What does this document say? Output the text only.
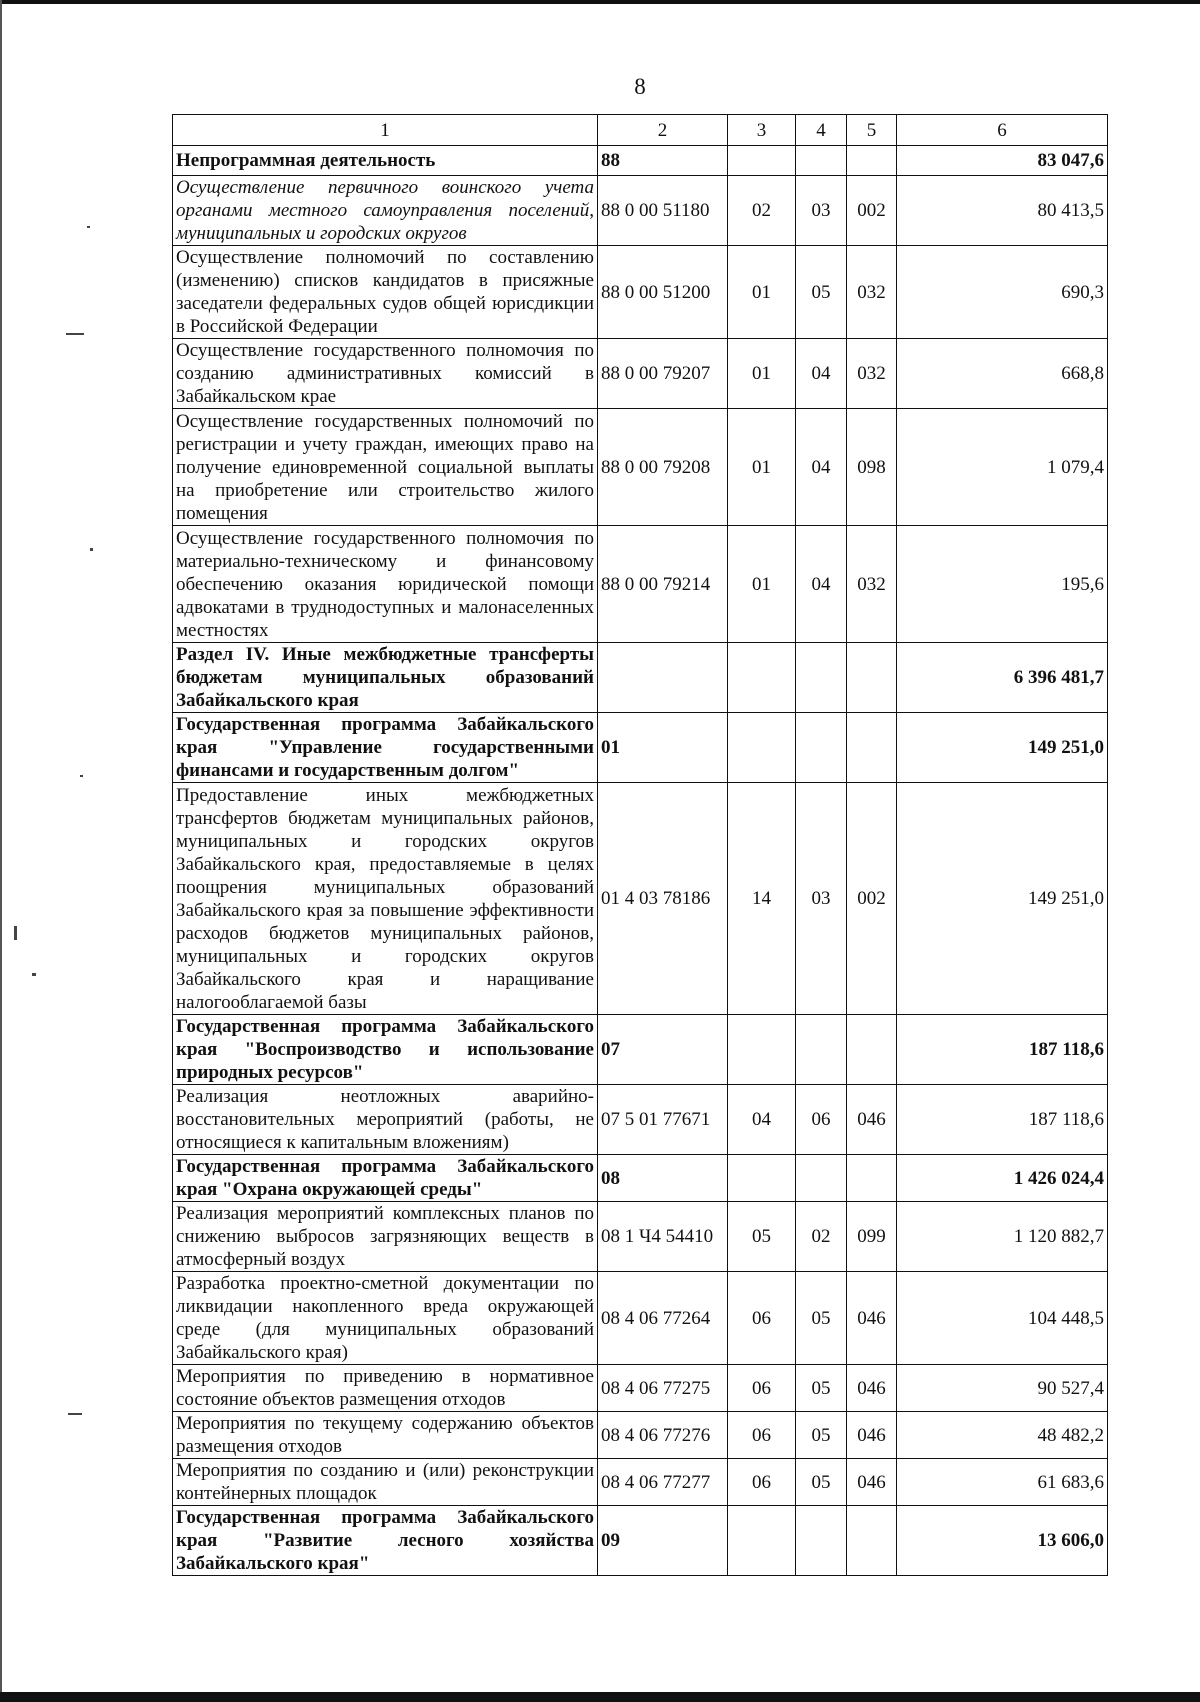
8
1	2	3	4	5	6
Непрограммная деятельность	88				83 047,6
Осуществление первичного воинского учета органами местного самоуправления поселений, муниципальных и городских округов	88 0 00 51180	02	03	002	80 413,5
Осуществление полномочий по составлению (изменению) списков кандидатов в присяжные заседатели федеральных судов общей юрисдикции в Российской Федерации	88 0 00 51200	01	05	032	690,3
Осуществление государственного полномочия по созданию административных комиссий в Забайкальском крае	88 0 00 79207	01	04	032	668,8
Осуществление государственных полномочий по регистрации и учету граждан, имеющих право на получение единовременной социальной выплаты на приобретение или строительство жилого помещения	88 0 00 79208	01	04	098	1 079,4
Осуществление государственного полномочия по материально-техническому и финансовому обеспечению оказания юридической помощи адвокатами в труднодоступных и малонаселенных местностях	88 0 00 79214	01	04	032	195,6
Раздел IV. Иные межбюджетные трансферты бюджетам муниципальных образований Забайкальского края					6 396 481,7
Государственная программа Забайкальского края "Управление государственными финансами и государственным долгом"	01				149 251,0
Предоставление иных межбюджетных трансфертов бюджетам муниципальных районов, муниципальных и городских округов Забайкальского края, предоставляемые в целях поощрения муниципальных образований Забайкальского края за повышение эффективности расходов бюджетов муниципальных районов, муниципальных и городских округов Забайкальского края и наращивание налогооблагаемой базы	01 4 03 78186	14	03	002	149 251,0
Государственная программа Забайкальского края "Воспроизводство и использование природных ресурсов"	07				187 118,6
Реализация неотложных аварийно-восстановительных мероприятий (работы, не относящиеся к капитальным вложениям)	07 5 01 77671	04	06	046	187 118,6
Государственная программа Забайкальского края "Охрана окружающей среды"	08				1 426 024,4
Реализация мероприятий комплексных планов по снижению выбросов загрязняющих веществ в атмосферный воздух	08 1 Ч4 54410	05	02	099	1 120 882,7
Разработка проектно-сметной документации по ликвидации накопленного вреда окружающей среде (для муниципальных образований Забайкальского края)	08 4 06 77264	06	05	046	104 448,5
Мероприятия по приведению в нормативное состояние объектов размещения отходов	08 4 06 77275	06	05	046	90 527,4
Мероприятия по текущему содержанию объектов размещения отходов	08 4 06 77276	06	05	046	48 482,2
Мероприятия по созданию и (или) реконструкции контейнерных площадок	08 4 06 77277	06	05	046	61 683,6
Государственная программа Забайкальского края "Развитие лесного хозяйства Забайкальского края"	09				13 606,0
